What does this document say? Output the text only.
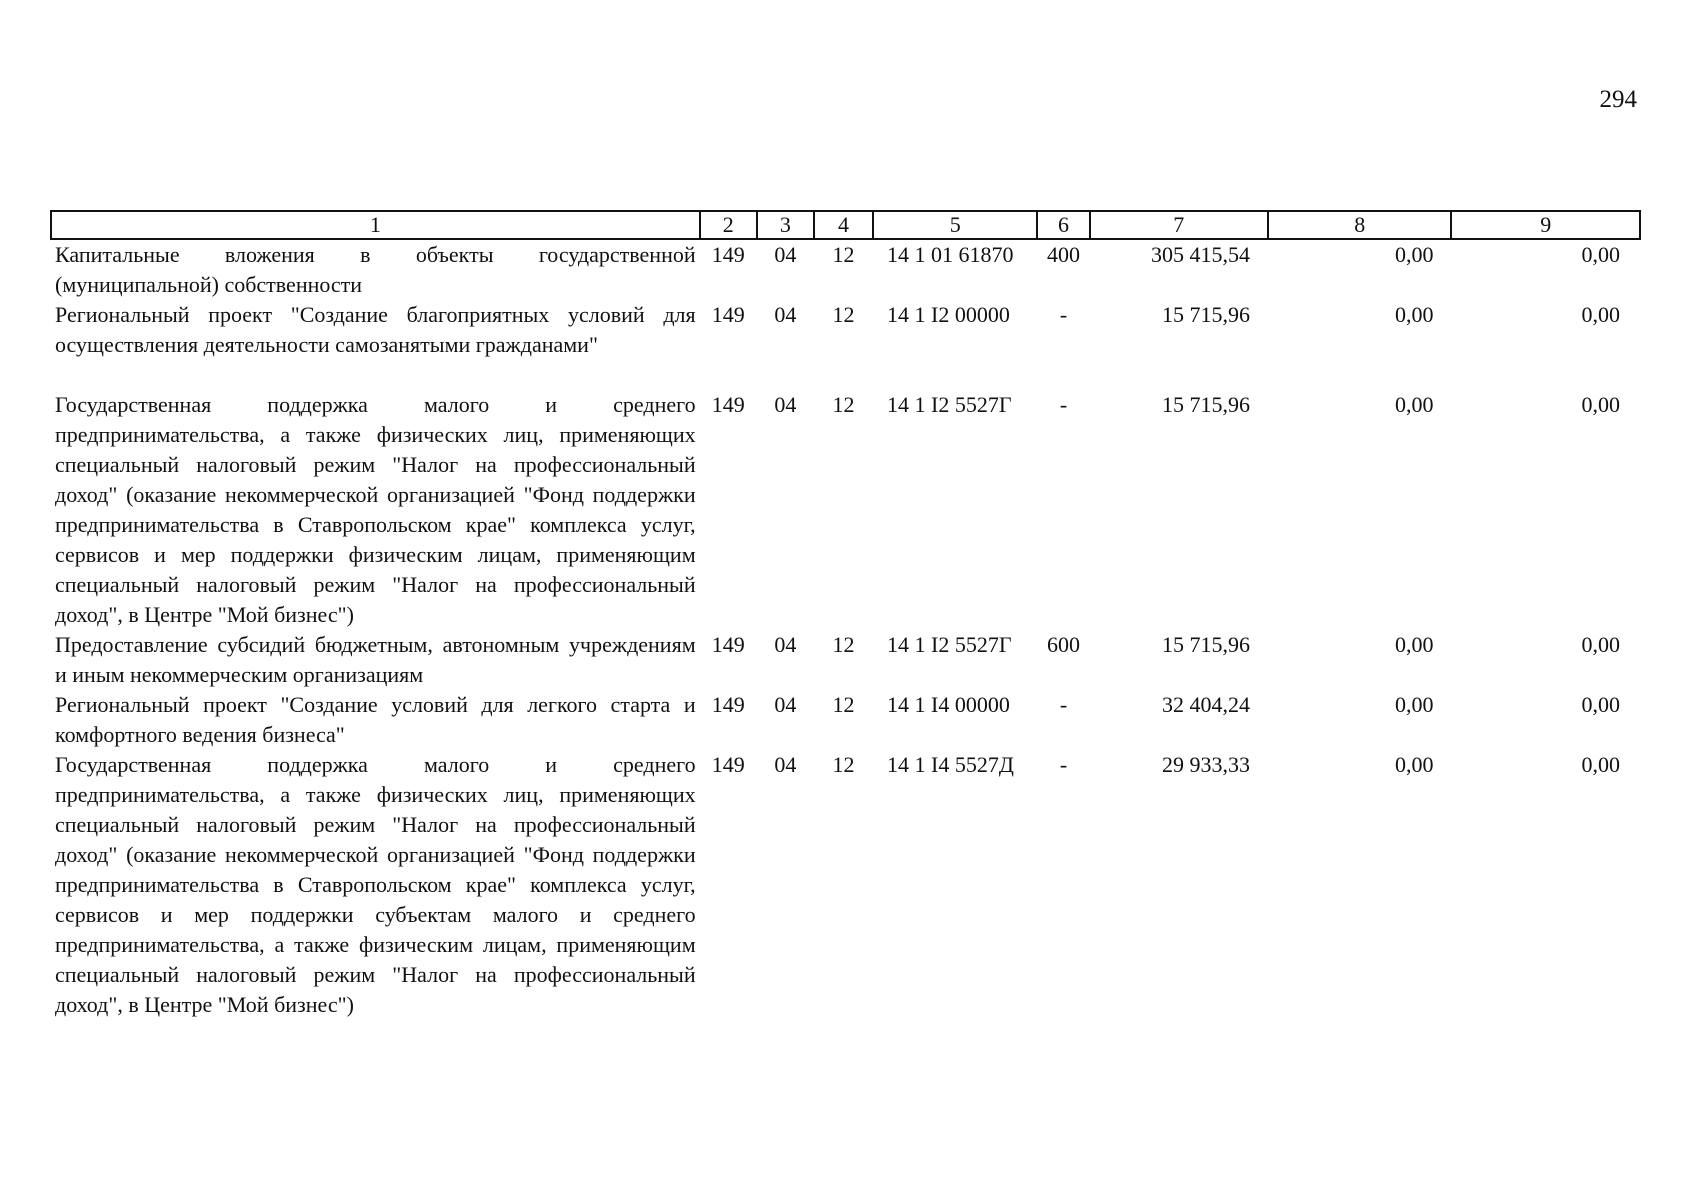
294
1	2	3	4	5	6	7	8	9
Капитальные вложения в объекты государственной (муниципальной) собственности	149	04	12	14 1 01 61870	400	305 415,54	0,00	0,00
Региональный проект "Создание благоприятных условий для осуществления деятельности самозанятыми гражданами"	149	04	12	14 1 I2 00000	-	15 715,96	0,00	0,00
Государственная поддержка малого и среднего предпринимательства, а также физических лиц, применяющих специальный налоговый режим "Налог на профессиональный доход" (оказание некоммерческой организацией "Фонд поддержки предпринимательства в Ставропольском крае" комплекса услуг, сервисов и мер поддержки физическим лицам, применяющим специальный налоговый режим "Налог на профессиональный доход", в Центре "Мой бизнес")	149	04	12	14 1 I2 5527Г	-	15 715,96	0,00	0,00
Предоставление субсидий бюджетным, автономным учреждениям и иным некоммерческим организациям	149	04	12	14 1 I2 5527Г	600	15 715,96	0,00	0,00
Региональный проект "Создание условий для легкого старта и комфортного ведения бизнеса"	149	04	12	14 1 I4 00000	-	32 404,24	0,00	0,00
Государственная поддержка малого и среднего предпринимательства, а также физических лиц, применяющих специальный налоговый режим "Налог на профессиональный доход" (оказание некоммерческой организацией "Фонд поддержки предпринимательства в Ставропольском крае" комплекса услуг, сервисов и мер поддержки субъектам малого и среднего предпринимательства, а также физическим лицам, применяющим специальный налоговый режим "Налог на профессиональный доход", в Центре "Мой бизнес")	149	04	12	14 1 I4 5527Д	-	29 933,33	0,00	0,00
